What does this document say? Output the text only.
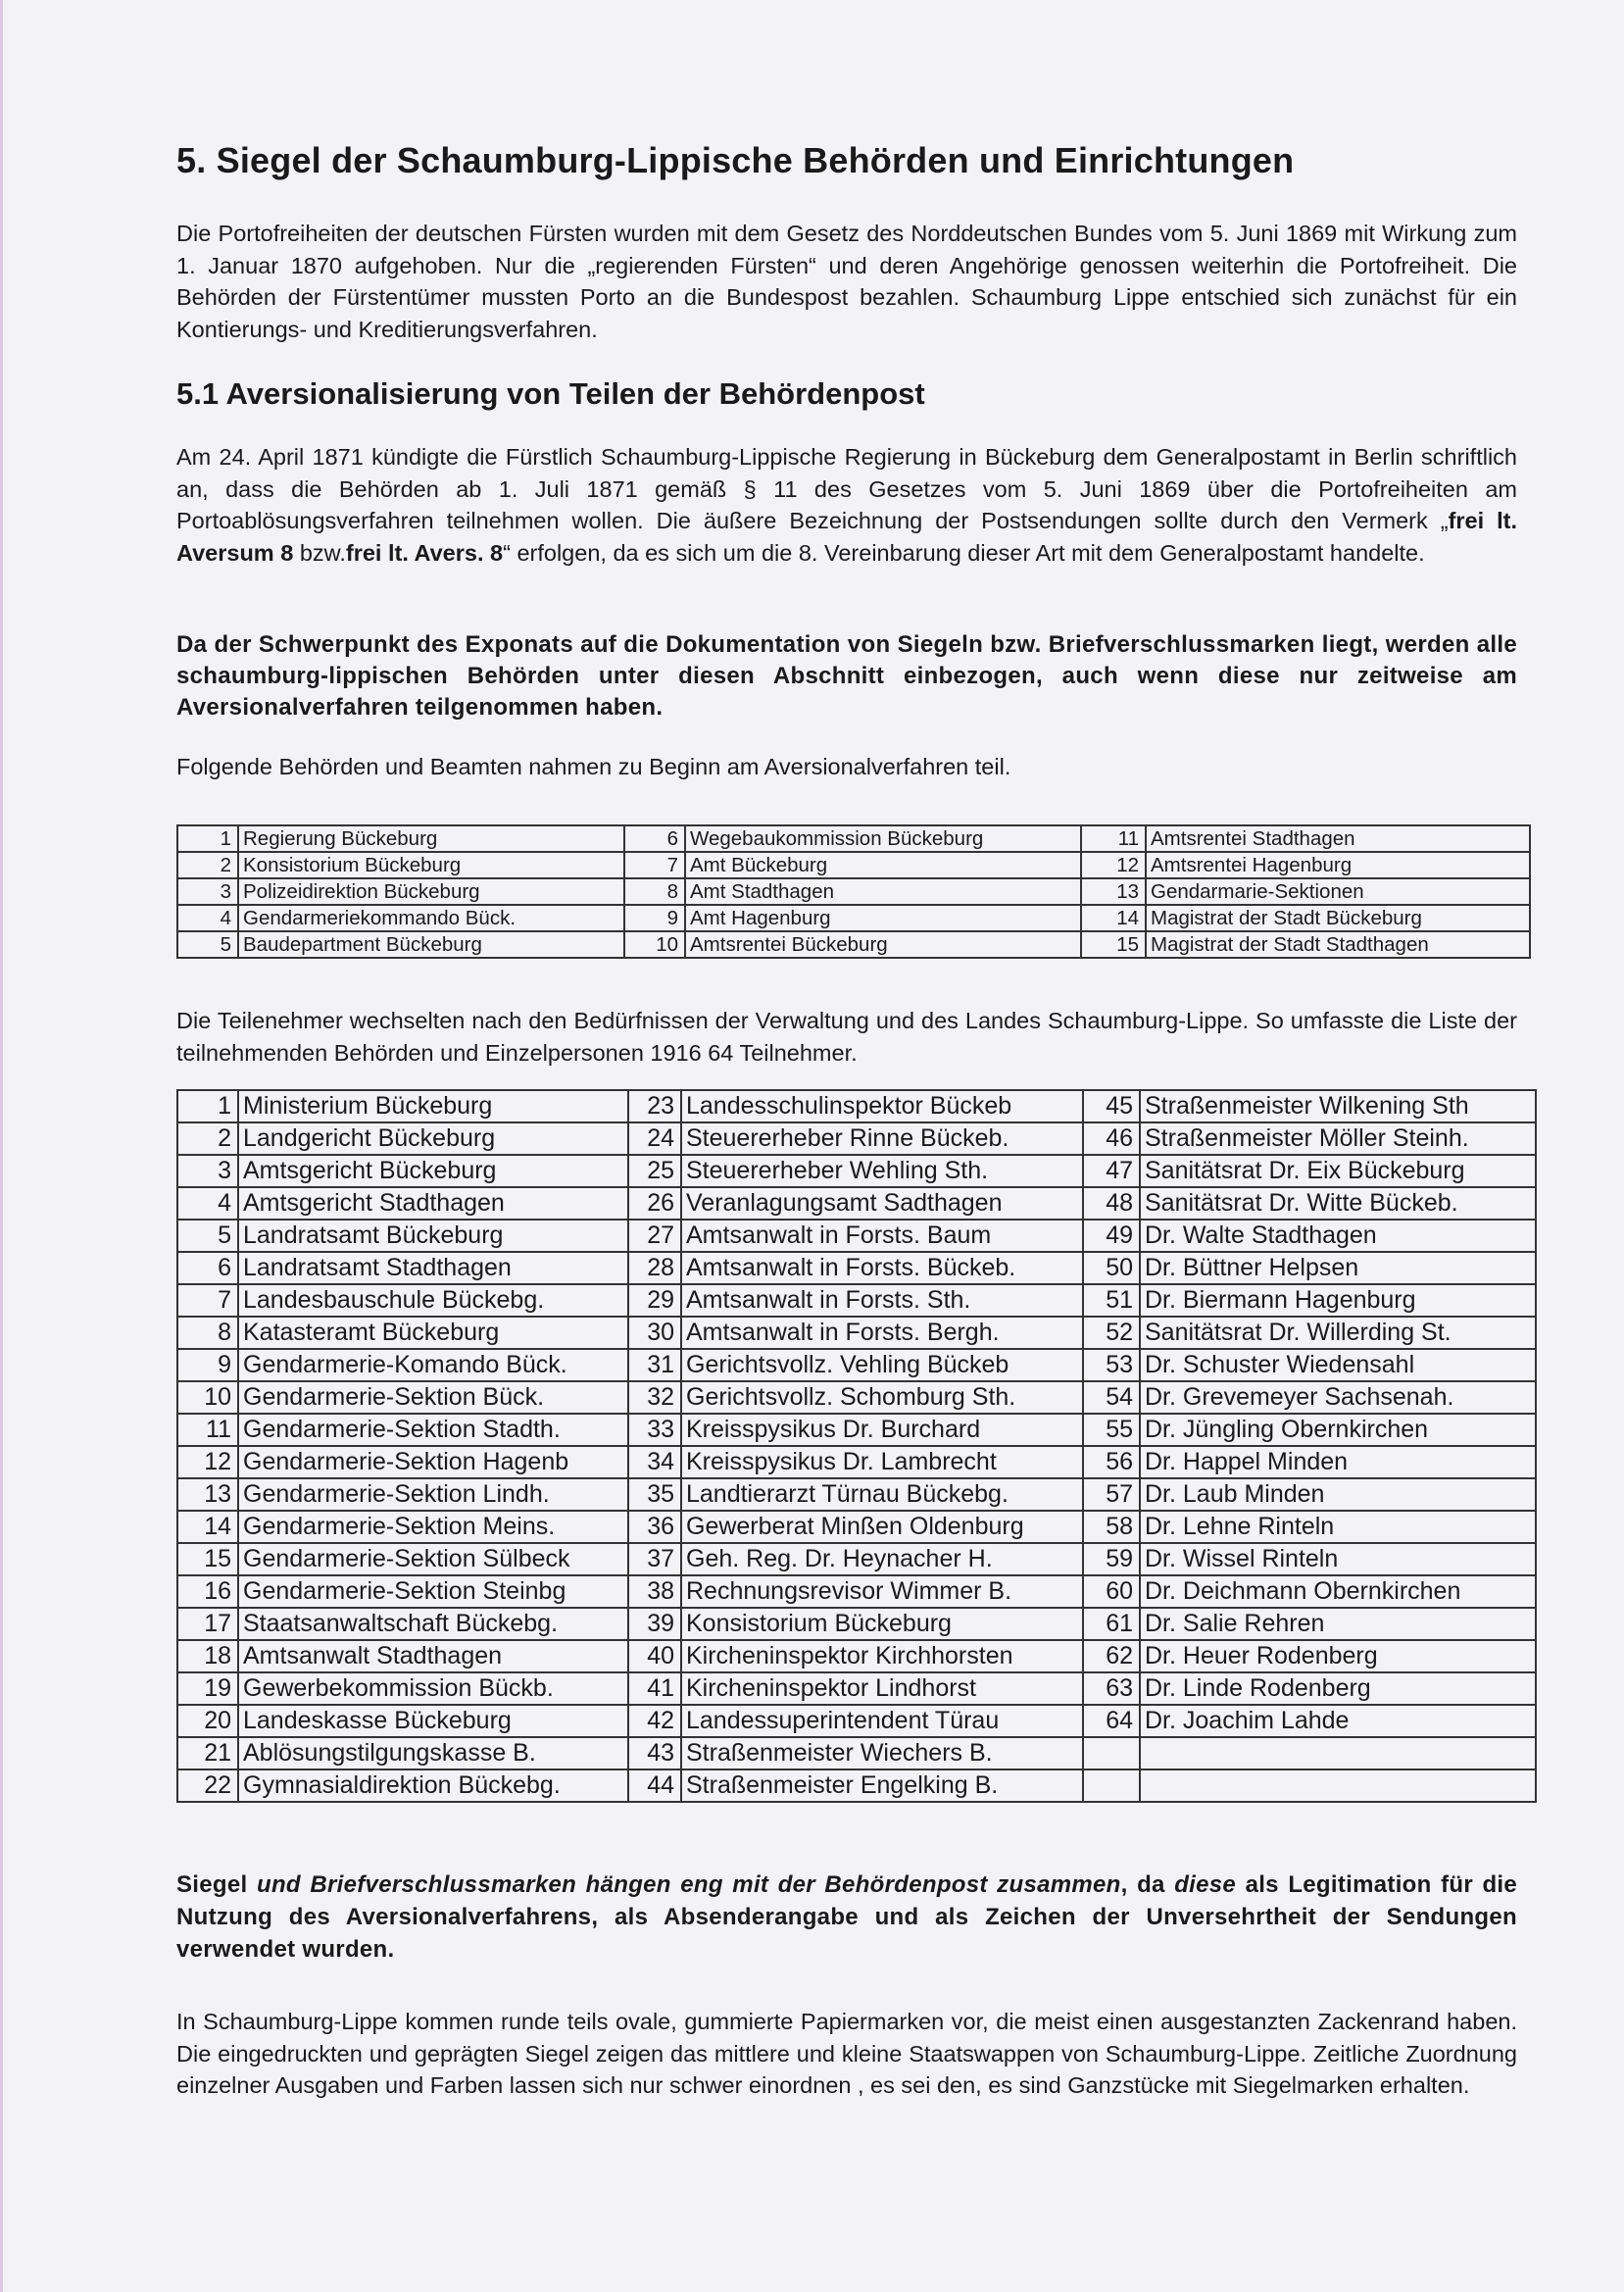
5. Siegel der Schaumburg-Lippische Behörden und Einrichtungen

Die Portofreiheiten der deutschen Fürsten wurden mit dem Gesetz des Norddeutschen Bundes vom 5. Juni 1869 mit Wirkung zum 1. Januar 1870 aufgehoben. Nur die „regierenden Fürsten“ und deren Angehörige genossen weiterhin die Portofreiheit. Die Behörden der Fürstentümer mussten Porto an die Bundespost bezahlen. Schaumburg Lippe entschied sich zunächst für ein Kontierungs- und Kreditierungsverfahren.

5.1 Aversionalisierung von Teilen der Behördenpost

Am 24. April 1871 kündigte die Fürstlich Schaumburg-Lippische Regierung in Bückeburg dem Generalpostamt in Berlin schriftlich an, dass die Behörden ab 1. Juli 1871 gemäß § 11 des Gesetzes vom 5. Juni 1869 über die Portofreiheiten am Portoablösungsverfahren teilnehmen wollen. Die äußere Bezeichnung der Postsendungen sollte durch den Vermerk „frei lt. Aversum 8 bzw.frei lt. Avers. 8“ erfolgen, da es sich um die 8. Vereinbarung dieser Art mit dem Generalpostamt handelte.

Da der Schwerpunkt des Exponats auf die Dokumentation von Siegeln bzw. Briefverschlussmarken liegt, werden alle schaumburg-lippischen Behörden unter diesen Abschnitt einbezogen, auch wenn diese nur zeitweise am Aversionalverfahren teilgenommen haben.

Folgende Behörden und Beamten nahmen zu Beginn am Aversionalverfahren teil.

1	Regierung Bückeburg	6	Wegebaukommission Bückeburg	11	Amtsrentei Stadthagen
2	Konsistorium Bückeburg	7	Amt Bückeburg	12	Amtsrentei Hagenburg
3	Polizeidirektion Bückeburg	8	Amt Stadthagen	13	Gendarmarie-Sektionen
4	Gendarmeriekommando Bück.	9	Amt Hagenburg	14	Magistrat der Stadt Bückeburg
5	Baudepartment Bückeburg	10	Amtsrentei Bückeburg	15	Magistrat der Stadt Stadthagen

Die Teilenehmer wechselten nach den Bedürfnissen der Verwaltung und des Landes Schaumburg-Lippe. So umfasste die Liste der teilnehmenden Behörden und Einzelpersonen 1916 64 Teilnehmer.

1	Ministerium Bückeburg	23	Landesschulinspektor Bückeb	45	Straßenmeister Wilkening Sth
2	Landgericht Bückeburg	24	Steuererheber Rinne Bückeb.	46	Straßenmeister Möller Steinh.
3	Amtsgericht Bückeburg	25	Steuererheber Wehling Sth.	47	Sanitätsrat Dr. Eix Bückeburg
4	Amtsgericht Stadthagen	26	Veranlagungsamt Sadthagen	48	Sanitätsrat Dr. Witte Bückeb.
5	Landratsamt Bückeburg	27	Amtsanwalt in Forsts. Baum	49	Dr. Walte Stadthagen
6	Landratsamt Stadthagen	28	Amtsanwalt in Forsts. Bückeb.	50	Dr. Büttner Helpsen
7	Landesbauschule Bückebg.	29	Amtsanwalt in Forsts. Sth.	51	Dr. Biermann Hagenburg
8	Katasteramt Bückeburg	30	Amtsanwalt in Forsts. Bergh.	52	Sanitätsrat Dr. Willerding St.
9	Gendarmerie-Komando Bück.	31	Gerichtsvollz. Vehling Bückeb	53	Dr. Schuster Wiedensahl
10	Gendarmerie-Sektion Bück.	32	Gerichtsvollz. Schomburg Sth.	54	Dr. Grevemeyer Sachsenah.
11	Gendarmerie-Sektion Stadth.	33	Kreisspysikus Dr. Burchard	55	Dr. Jüngling Obernkirchen
12	Gendarmerie-Sektion Hagenb	34	Kreisspysikus Dr. Lambrecht	56	Dr. Happel Minden
13	Gendarmerie-Sektion Lindh.	35	Landtierarzt Türnau Bückebg.	57	Dr. Laub Minden
14	Gendarmerie-Sektion Meins.	36	Gewerberat Minßen Oldenburg	58	Dr. Lehne Rinteln
15	Gendarmerie-Sektion Sülbeck	37	Geh. Reg. Dr. Heynacher H.	59	Dr. Wissel Rinteln
16	Gendarmerie-Sektion Steinbg	38	Rechnungsrevisor Wimmer B.	60	Dr. Deichmann Obernkirchen
17	Staatsanwaltschaft Bückebg.	39	Konsistorium Bückeburg	61	Dr. Salie Rehren
18	Amtsanwalt Stadthagen	40	Kircheninspektor Kirchhorsten	62	Dr. Heuer Rodenberg
19	Gewerbekommission Bückb.	41	Kircheninspektor Lindhorst	63	Dr. Linde Rodenberg
20	Landeskasse Bückeburg	42	Landessuperintendent Türau	64	Dr. Joachim Lahde
21	Ablösungstilgungskasse B.	43	Straßenmeister Wiechers B.		
22	Gymnasialdirektion Bückebg.	44	Straßenmeister Engelking B.		

Siegel und Briefverschlussmarken hängen eng mit der Behördenpost zusammen, da diese als Legitimation für die Nutzung des Aversionalverfahrens, als Absenderangabe und als Zeichen der Unversehrtheit der Sendungen verwendet wurden.

In Schaumburg-Lippe kommen runde teils ovale, gummierte Papiermarken vor, die meist einen ausgestanzten Zackenrand haben. Die eingedruckten und geprägten Siegel zeigen das mittlere und kleine Staatswappen von Schaumburg-Lippe. Zeitliche Zuordnung einzelner Ausgaben und Farben lassen sich nur schwer einordnen , es sei den, es sind Ganzstücke mit Siegelmarken erhalten.
